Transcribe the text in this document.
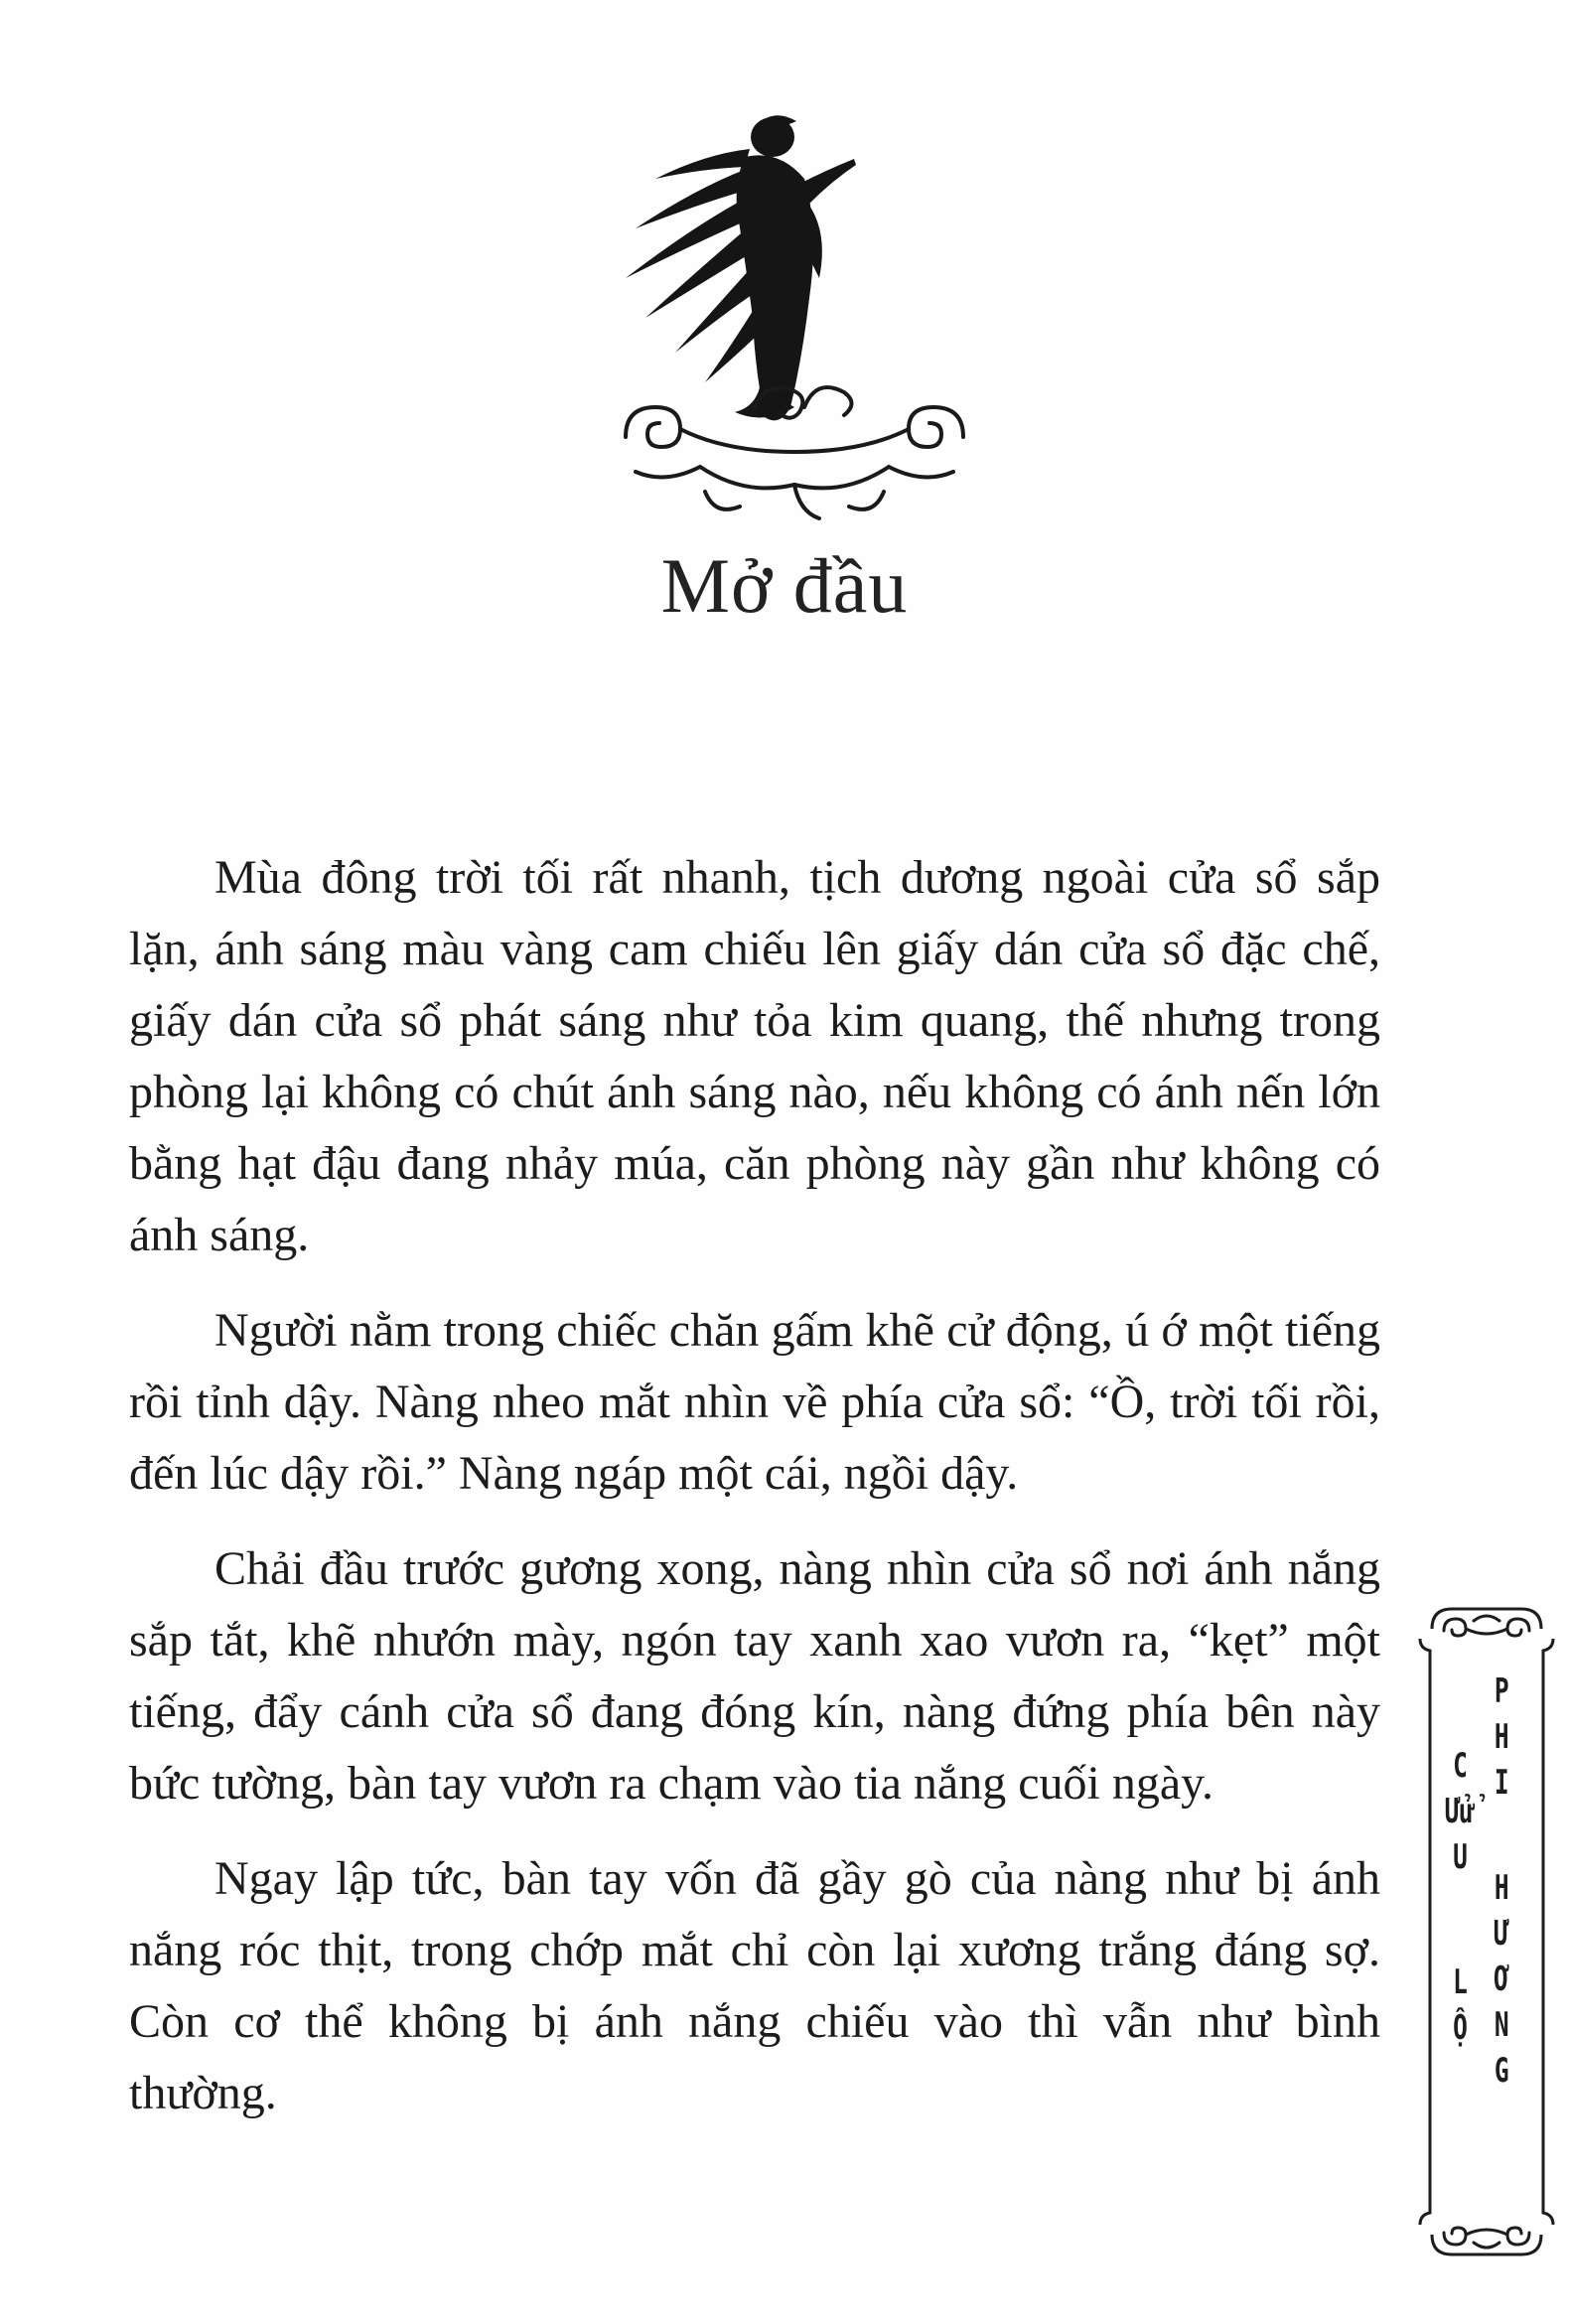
Mở đầu

Mùa đông trời tối rất nhanh, tịch dương ngoài cửa sổ sắp lặn, ánh sáng màu vàng cam chiếu lên giấy dán cửa sổ đặc chế, giấy dán cửa sổ phát sáng như tỏa kim quang, thế nhưng trong phòng lại không có chút ánh sáng nào, nếu không có ánh nến lớn bằng hạt đậu đang nhảy múa, căn phòng này gần như không có ánh sáng.

Người nằm trong chiếc chăn gấm khẽ cử động, ú ớ một tiếng rồi tỉnh dậy. Nàng nheo mắt nhìn về phía cửa sổ: “Ồ, trời tối rồi, đến lúc dậy rồi.” Nàng ngáp một cái, ngồi dậy.

Chải đầu trước gương xong, nàng nhìn cửa sổ nơi ánh nắng sắp tắt, khẽ nhướn mày, ngón tay xanh xao vươn ra, “kẹt” một tiếng, đẩy cánh cửa sổ đang đóng kín, nàng đứng phía bên này bức tường, bàn tay vươn ra chạm vào tia nắng cuối ngày.

Ngay lập tức, bàn tay vốn đã gầy gò của nàng như bị ánh nắng róc thịt, trong chớp mắt chỉ còn lại xương trắng đáng sợ. Còn cơ thể không bị ánh nắng chiếu vào thì vẫn như bình thường.

C
Ửử
U
L
Ộ
P
H
I
H
Ư
Ơ
N
G
